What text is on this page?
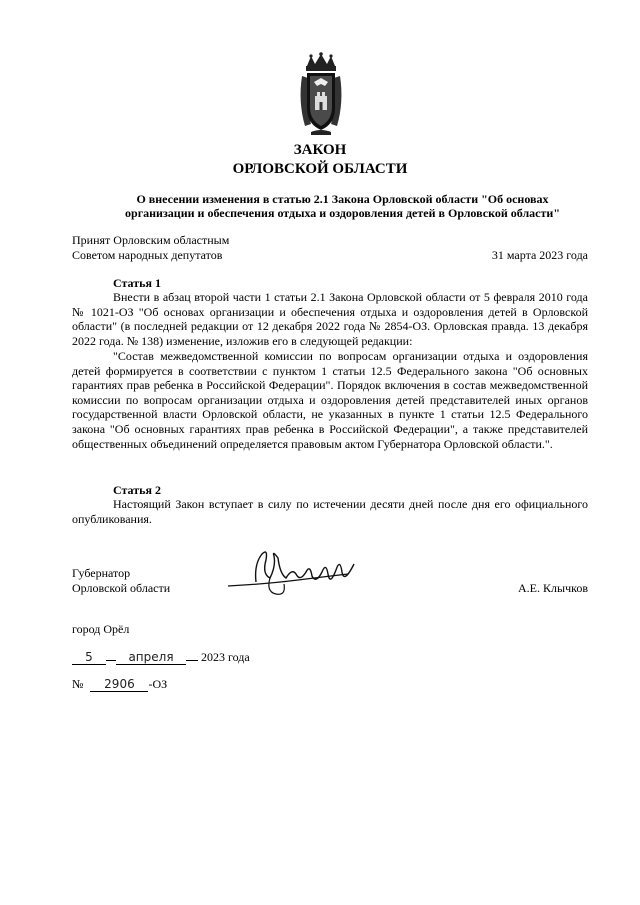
ЗАКОН
ОРЛОВСКОЙ ОБЛАСТИ
О внесении изменения в статью 2.1 Закона Орловской области "Об основах
организации и обеспечения отдыха и оздоровления детей в Орловской области"
Принят Орловским областным
Советом народных депутатов	31 марта 2023 года
Статья 1
Внести в абзац второй части 1 статьи 2.1 Закона Орловской области от 5 февраля 2010 года № 1021-ОЗ "Об основах организации и обеспечения отдыха и оздоровления детей в Орловской области" (в последней редакции от 12 декабря 2022 года № 2854-ОЗ. Орловская правда. 13 декабря 2022 года. № 138) изменение, изложив его в следующей редакции:
"Состав межведомственной комиссии по вопросам организации отдыха и оздоровления детей формируется в соответствии с пунктом 1 статьи 12.5 Федерального закона "Об основных гарантиях прав ребенка в Российской Федерации". Порядок включения в состав межведомственной комиссии по вопросам организации отдыха и оздоровления детей представителей иных органов государственной власти Орловской области, не указанных в пункте 1 статьи 12.5 Федерального закона "Об основных гарантиях прав ребенка в Российской Федерации", а также представителей общественных объединений определяется правовым актом Губернатора Орловской области.".
Статья 2
Настоящий Закон вступает в силу по истечении десяти дней после дня его официального опубликования.
Губернатор
Орловской области	А.Е. Клычков
город Орёл
5	апреля 2023 года
№ 2906 -ОЗ
